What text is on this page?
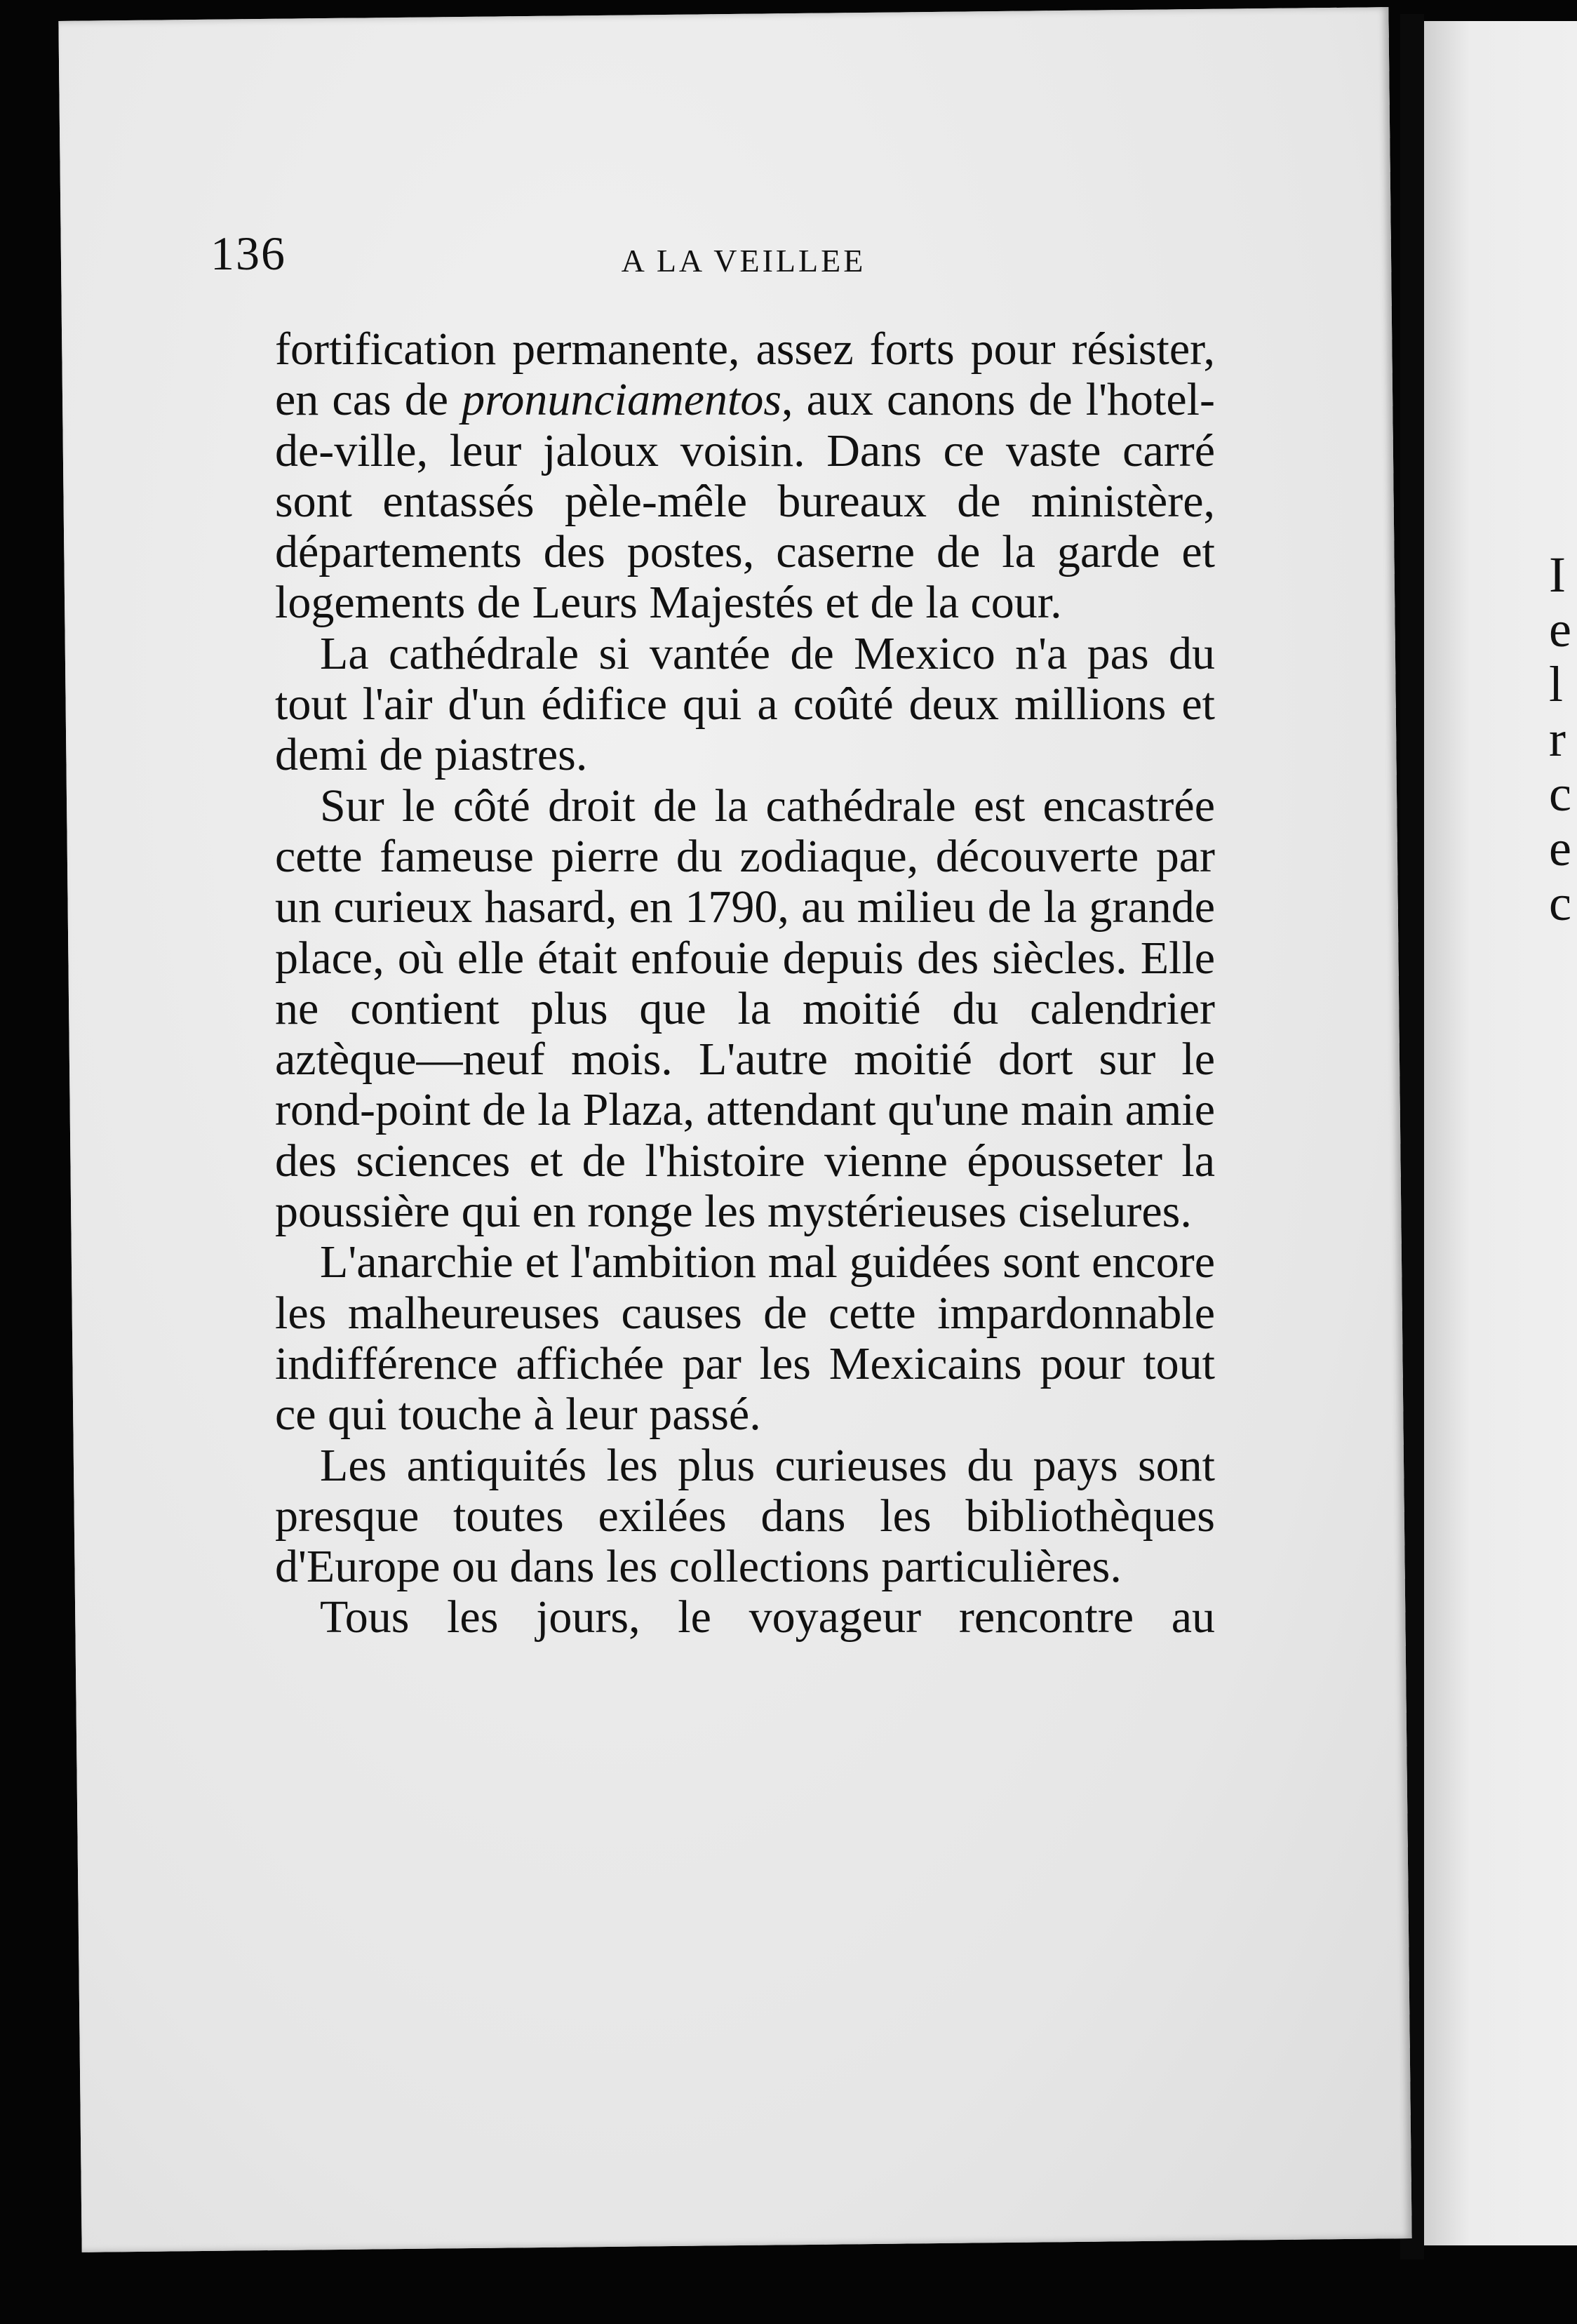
I
e
l
r
c
e
c
136	A LA VEILLEE

fortification permanente, assez forts pour résister, en cas de pronunciamentos, aux canons de l'hotel-de-ville, leur jaloux voisin. Dans ce vaste carré sont entassés pèle-mêle bureaux de ministère, départements des postes, caserne de la garde et logements de Leurs Majestés et de la cour.

La cathédrale si vantée de Mexico n'a pas du tout l'air d'un édifice qui a coûté deux millions et demi de piastres.

Sur le côté droit de la cathédrale est encastrée cette fameuse pierre du zodiaque, découverte par un curieux hasard, en 1790, au milieu de la grande place, où elle était enfouie depuis des siècles. Elle ne contient plus que la moitié du calendrier aztèque—neuf mois. L'autre moitié dort sur le rond-point de la Plaza, attendant qu'une main amie des sciences et de l'histoire vienne épousseter la poussière qui en ronge les mystérieuses ciselures.

L'anarchie et l'ambition mal guidées sont encore les malheureuses causes de cette impardonnable indifférence affichée par les Mexicains pour tout ce qui touche à leur passé.

Les antiquités les plus curieuses du pays sont presque toutes exilées dans les bibliothèques d'Europe ou dans les collections particulières.

Tous les jours, le voyageur rencontre au
